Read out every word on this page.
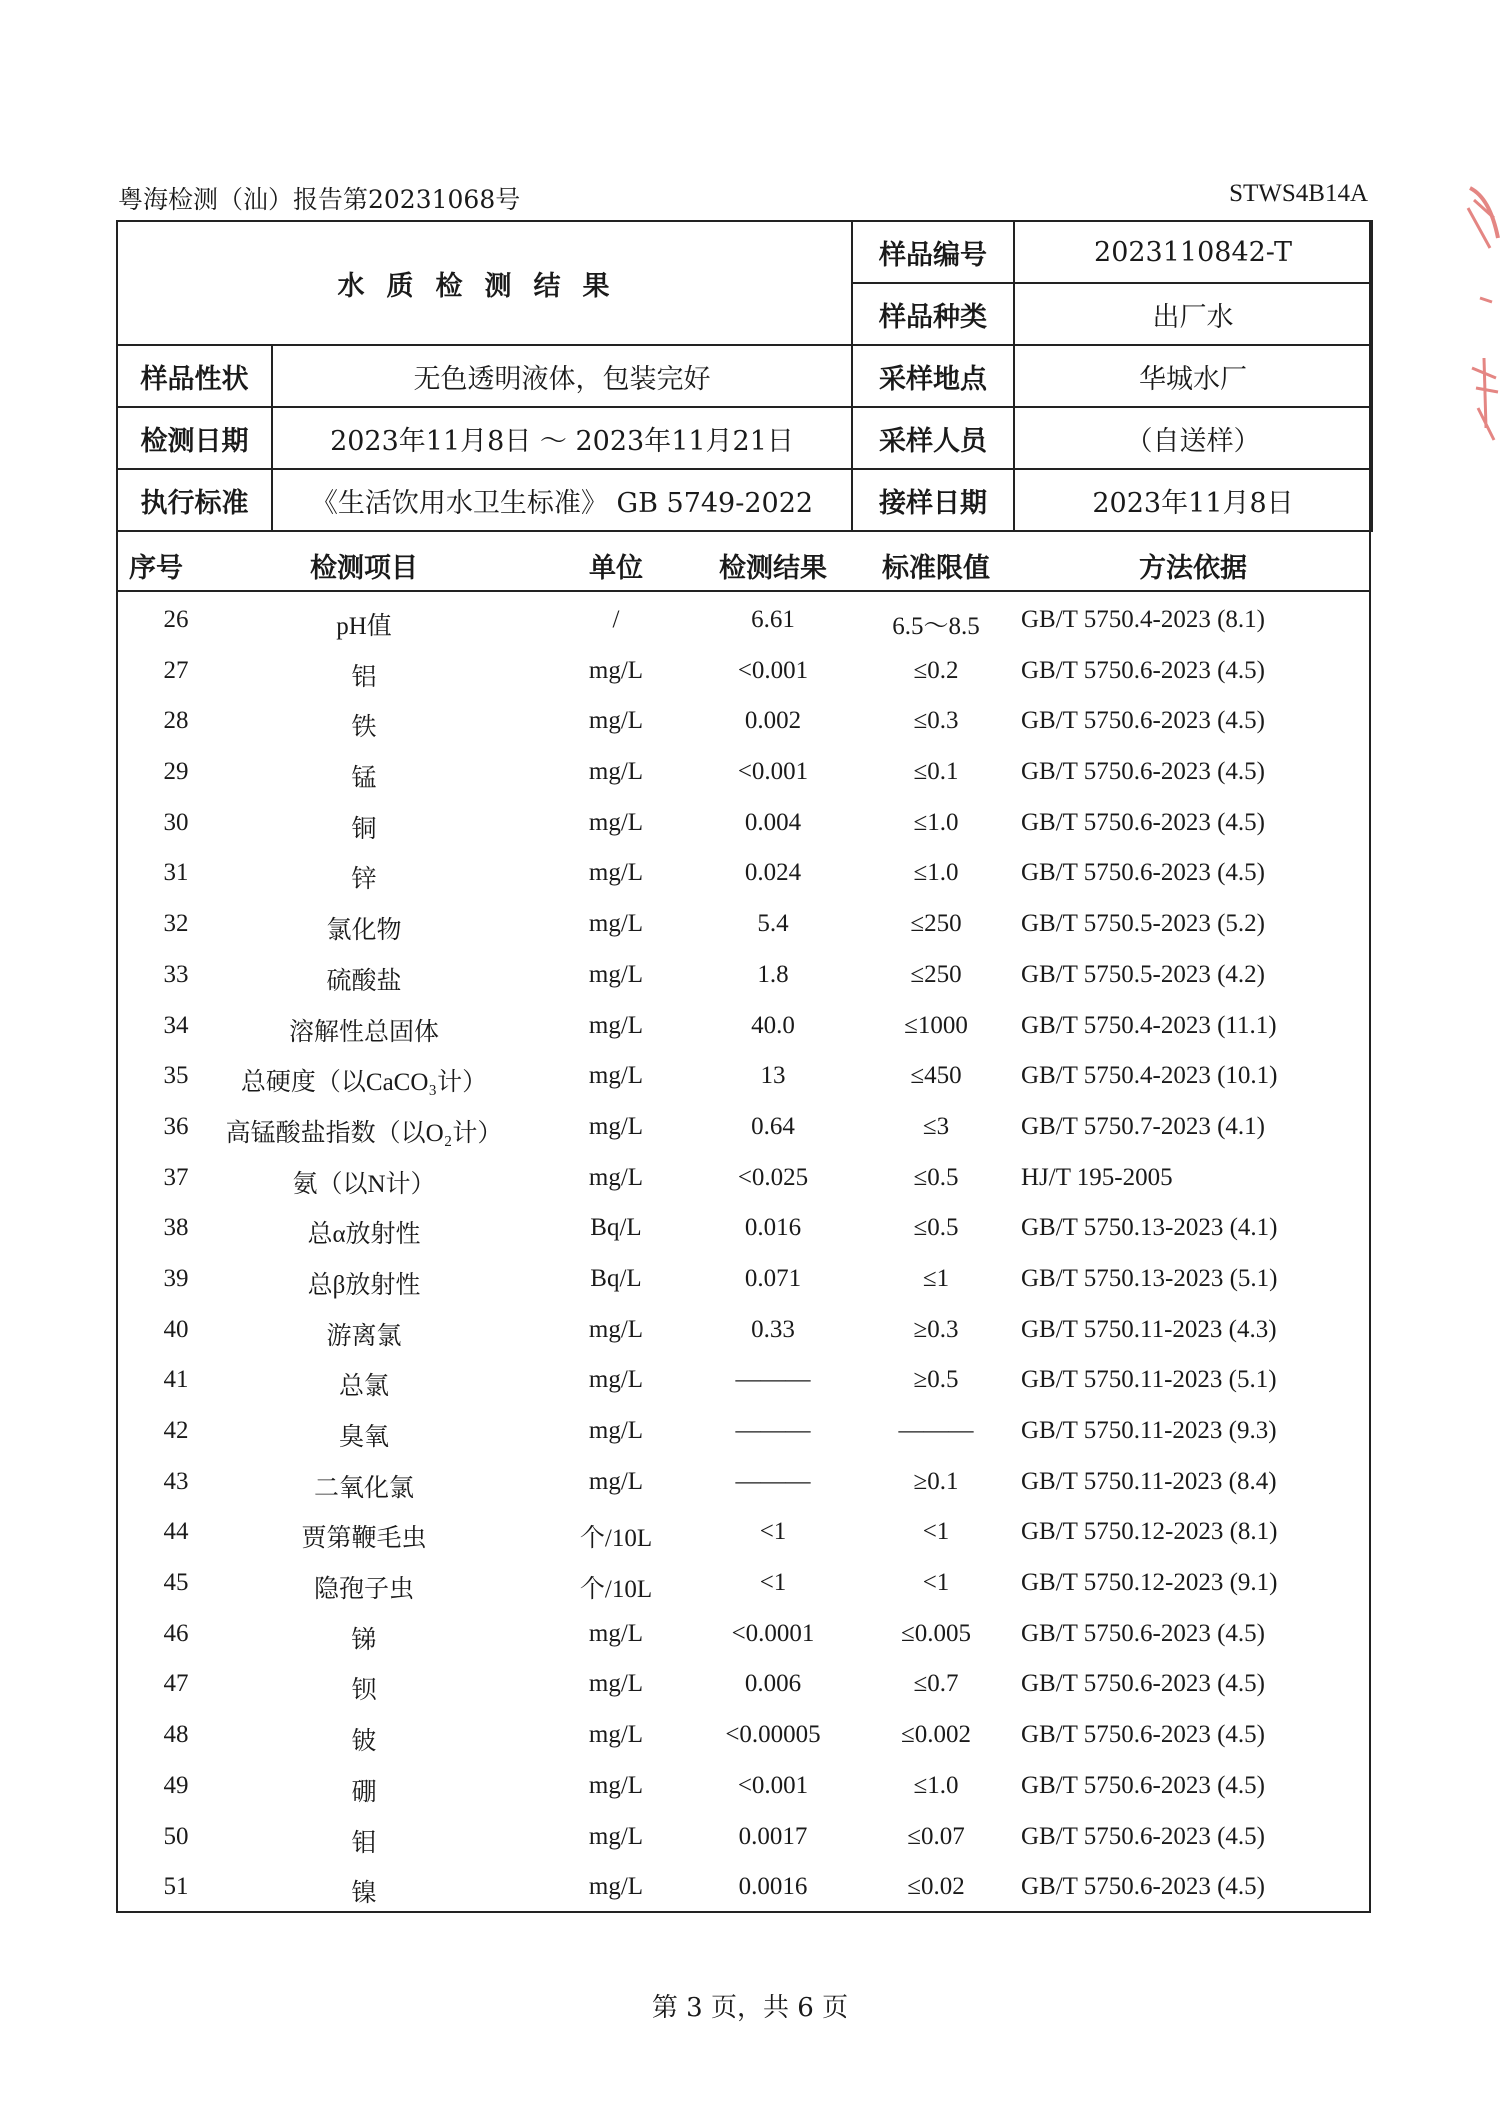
粤海检测（汕）报告第20231068号	STWS4B14A
水质检测结果		样品编号	2023110842-T
		样品种类	出厂水
样品性状	无色透明液体，包装完好	采样地点	华城水厂
检测日期	2023年11月8日 ～ 2023年11月21日	采样人员	（自送样）
执行标准	《生活饮用水卫生标准》 GB 5749-2022	接样日期	2023年11月8日
序号	检测项目	单位	检测结果 标准限值	方法依据
26	pH值	/	6.61	6.5～8.5 GB/T 5750.4-2023 (8.1)
27	铝	mg/L	<0.001	≤0.2	GB/T 5750.6-2023 (4.5)
28	铁	mg/L	0.002	≤0.3	GB/T 5750.6-2023 (4.5)
29	锰	mg/L	<0.001	≤0.1	GB/T 5750.6-2023 (4.5)
30	铜	mg/L	0.004	≤1.0	GB/T 5750.6-2023 (4.5)
31	锌	mg/L	0.024	≤1.0	GB/T 5750.6-2023 (4.5)
32	氯化物	mg/L	5.4	≤250 GB/T 5750.5-2023 (5.2)
33	硫酸盐	mg/L	1.8	≤250 GB/T 5750.5-2023 (4.2)
34	溶解性总固体	mg/L	40.0	≤1000 GB/T 5750.4-2023 (11.1)
35	总硬度（以CaCO₃计）	mg/L	13	≤450 GB/T 5750.4-2023 (10.1)
36	高锰酸盐指数（以O₂计）	mg/L	0.64	≤3	GB/T 5750.7-2023 (4.1)
37	氨（以N计）	mg/L	<0.025	≤0.5	HJ/T 195-2005
38	总α放射性	Bq/L	0.016	≤0.5	GB/T 5750.13-2023 (4.1)
39	总β放射性	Bq/L	0.071	≤1	GB/T 5750.13-2023 (5.1)
40	游离氯	mg/L	0.33	≥0.3	GB/T 5750.11-2023 (4.3)
41	总氯	mg/L	———	≥0.5	GB/T 5750.11-2023 (5.1)
42	臭氧	mg/L	———	——— GB/T 5750.11-2023 (9.3)
43	二氧化氯	mg/L	———	≥0.1	GB/T 5750.11-2023 (8.4)
44	贾第鞭毛虫	个/10L	<1	<1	GB/T 5750.12-2023 (8.1)
45	隐孢子虫	个/10L	<1	<1	GB/T 5750.12-2023 (9.1)
46	锑	mg/L	<0.0001	≤0.005 GB/T 5750.6-2023 (4.5)
47	钡	mg/L	0.006	≤0.7	GB/T 5750.6-2023 (4.5)
48	铍	mg/L	<0.00005	≤0.002 GB/T 5750.6-2023 (4.5)
49	硼	mg/L	<0.001	≤1.0	GB/T 5750.6-2023 (4.5)
50	钼	mg/L	0.0017	≤0.07 GB/T 5750.6-2023 (4.5)
51	镍	mg/L	0.0016	≤0.02 GB/T 5750.6-2023 (4.5)
第 3 页，共 6 页
